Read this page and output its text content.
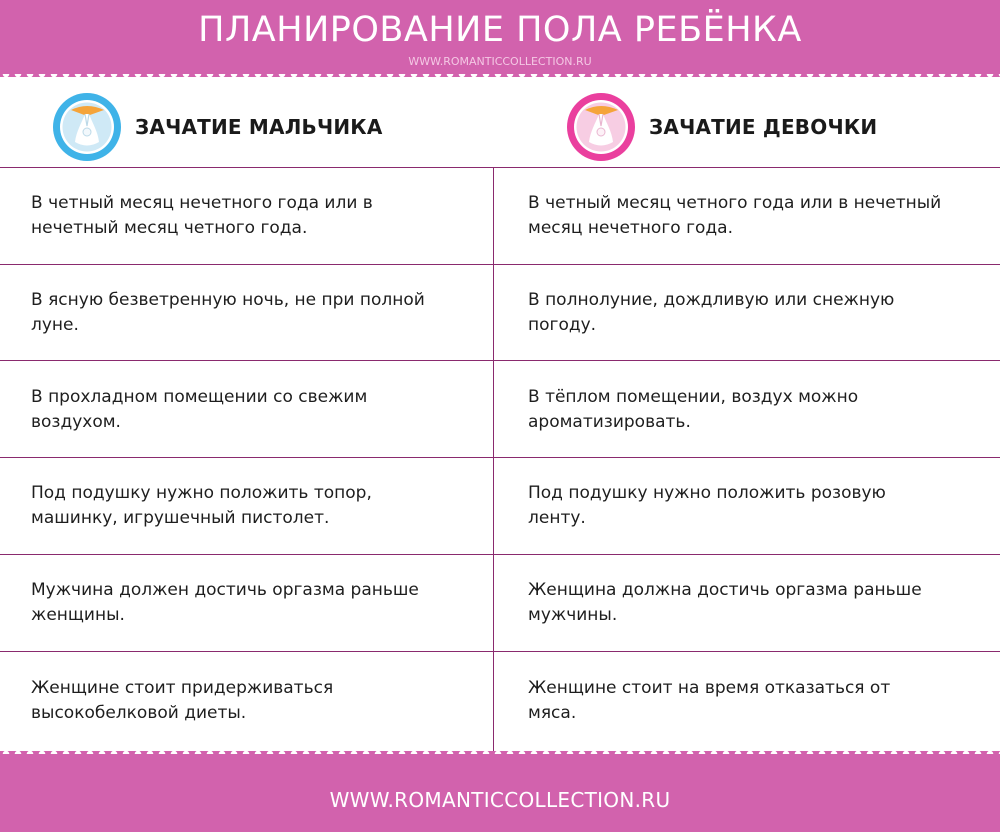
ПЛАНИРОВАНИЕ ПОЛА РЕБЁНКА
WWW.ROMANTICCOLLECTION.RU
ЗАЧАТИЕ МАЛЬЧИКА	ЗАЧАТИЕ ДЕВОЧКИ
В четный месяц нечетного года или в
нечетный месяц четного года.
В четный месяц четного года или в нечетный
месяц нечетного года.
В ясную безветренную ночь, не при полной
луне.
В полнолуние, дождливую или снежную
погоду.
В прохладном помещении со свежим
воздухом.
В тёплом помещении, воздух можно
ароматизировать.
Под подушку нужно положить топор,
машинку, игрушечный пистолет.
Под подушку нужно положить розовую
ленту.
Мужчина должен достичь оргазма раньше
женщины.
Женщина должна достичь оргазма раньше
мужчины.
Женщине стоит придерживаться
высокобелковой диеты.
Женщине стоит на время отказаться от
мяса.
WWW.ROMANTICCOLLECTION.RU
